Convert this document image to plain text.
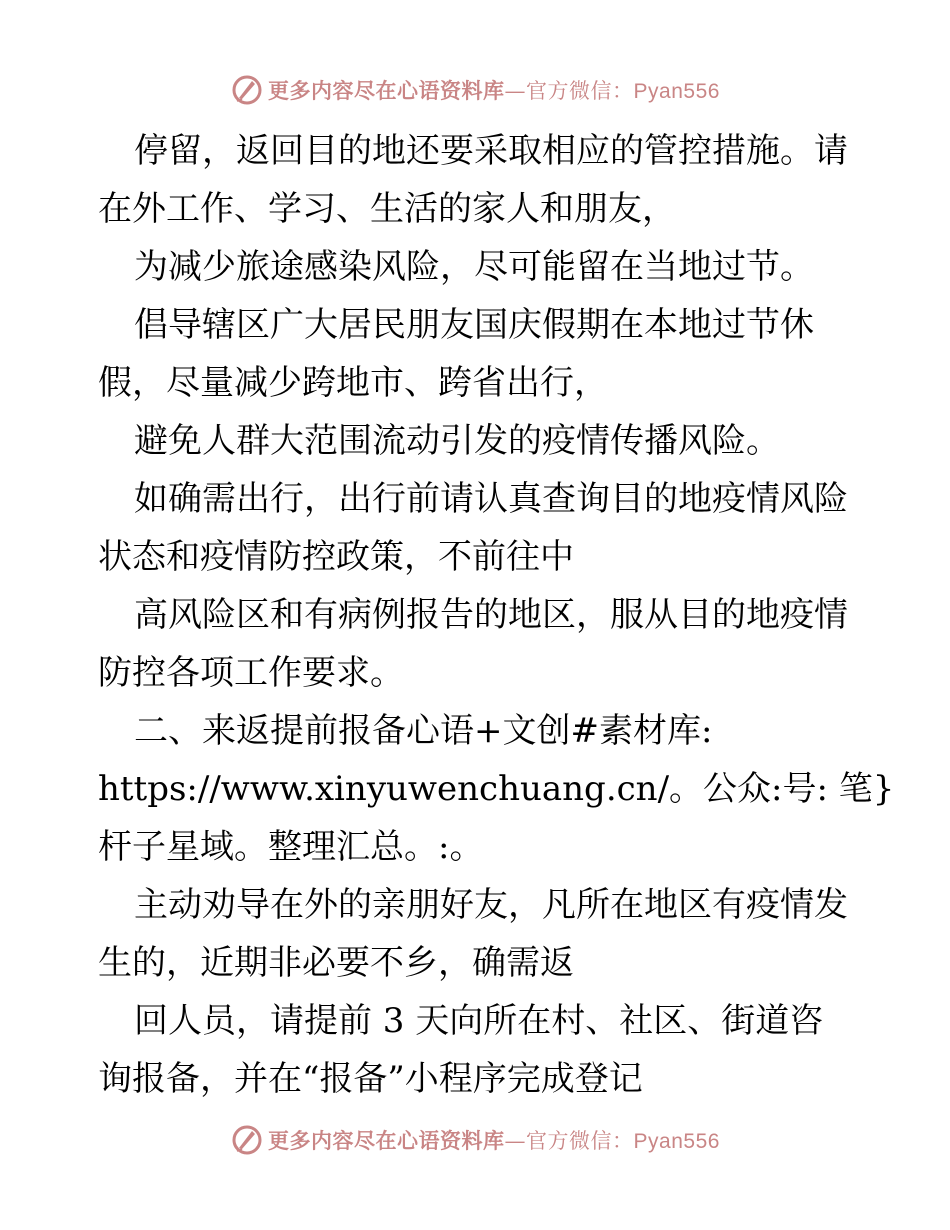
更多内容尽在心语资料库—官方微信：Pyan556
停留，返回目的地还要采取相应的管控措施。请
在外工作、学习、生活的家人和朋友，
为减少旅途感染风险，尽可能留在当地过节。
倡导辖区广大居民朋友国庆假期在本地过节休
假，尽量减少跨地市、跨省出行，
避免人群大范围流动引发的疫情传播风险。
如确需出行，出行前请认真查询目的地疫情风险
状态和疫情防控政策，不前往中
高风险区和有病例报告的地区，服从目的地疫情
防控各项工作要求。
二、来返提前报备心语+文创#素材库:
https://www.xinyuwenchuang.cn/。公众:号: 笔}
杆子星域。整理汇总。:。
主动劝导在外的亲朋好友，凡所在地区有疫情发
生的，近期非必要不乡，确需返
回人员，请提前 3 天向所在村、社区、街道咨
询报备，并在“报备”小程序完成登记
更多内容尽在心语资料库—官方微信：Pyan556
